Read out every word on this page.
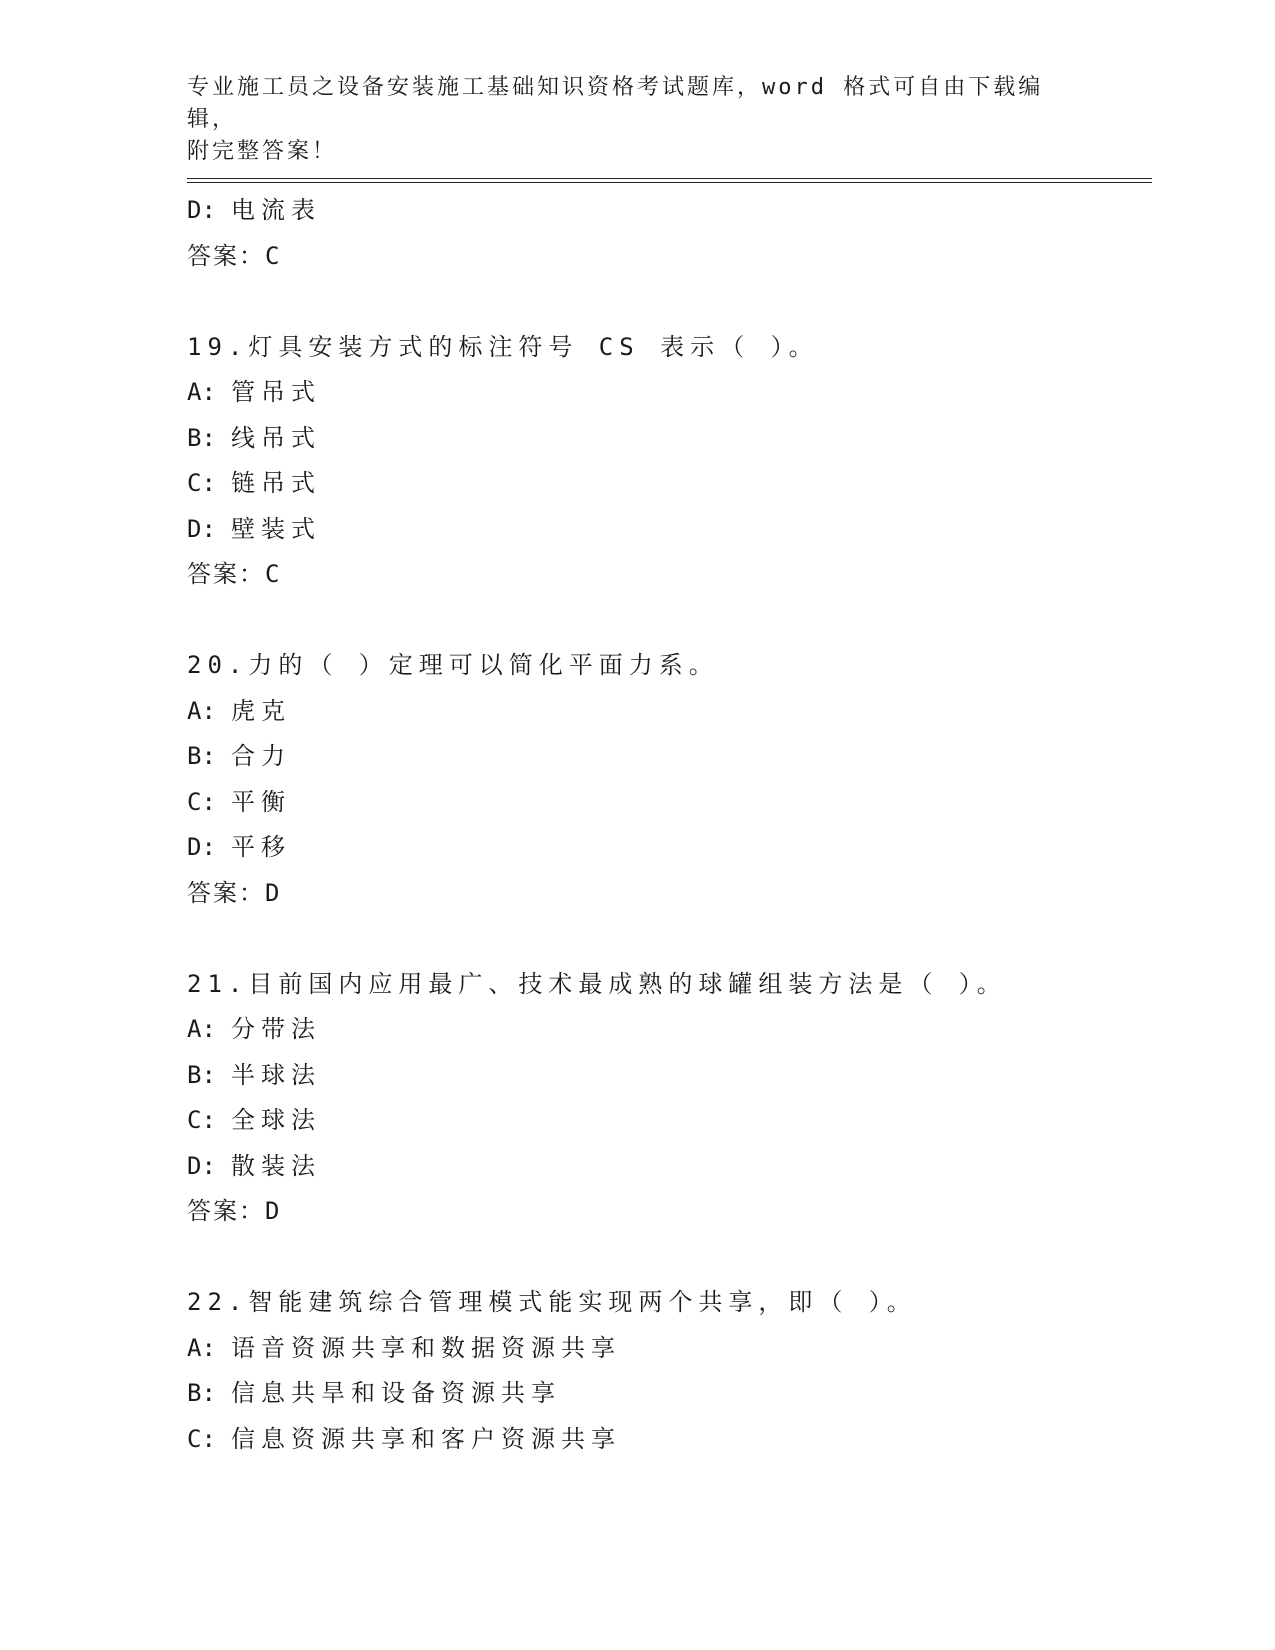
专业施工员之设备安装施工基础知识资格考试题库，word 格式可自由下载编辑，
附完整答案！
D: 电流表
答案：C
19.灯具安装方式的标注符号 CS 表示（ ）。
A: 管吊式
B: 线吊式
C: 链吊式
D: 壁装式
答案：C
20.力的（ ）定理可以简化平面力系。
A: 虎克
B: 合力
C: 平衡
D: 平移
答案：D
21.目前国内应用最广、技术最成熟的球罐组装方法是（ ）。
A: 分带法
B: 半球法
C: 全球法
D: 散装法
答案：D
22.智能建筑综合管理模式能实现两个共享，即（ ）。
A: 语音资源共享和数据资源共享
B: 信息共旱和设备资源共享
C: 信息资源共享和客户资源共享
